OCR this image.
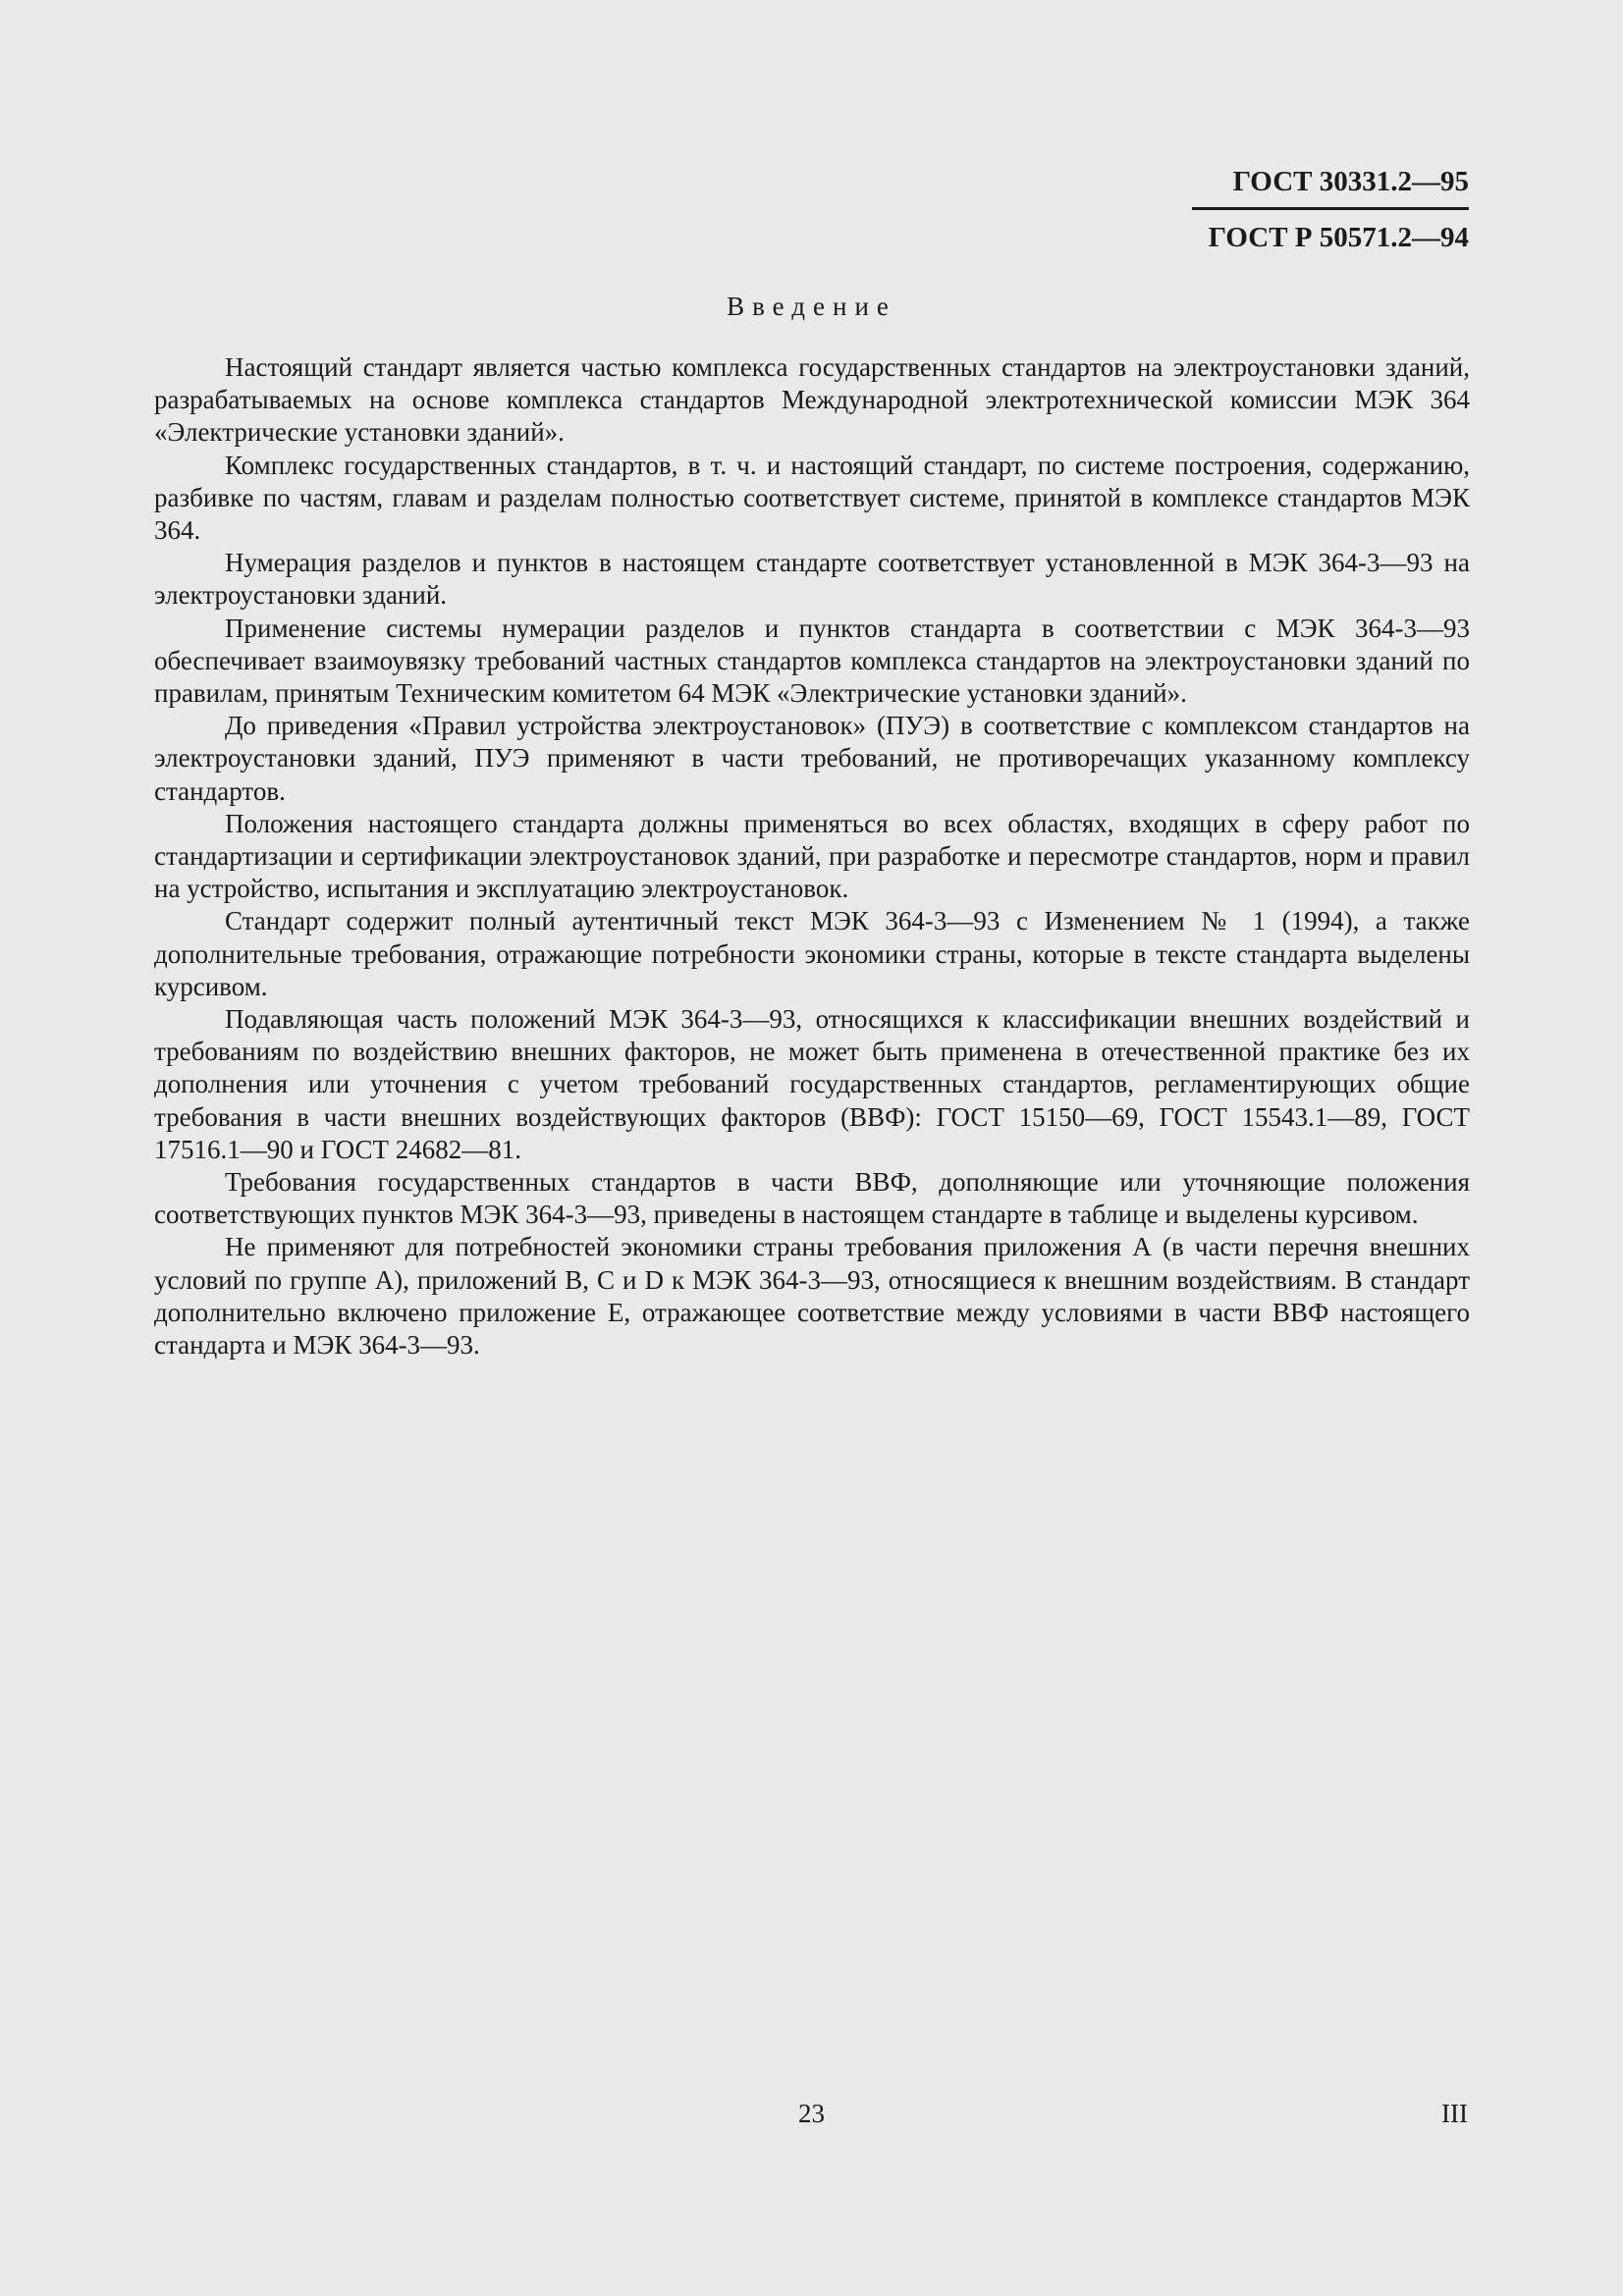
ГОСТ 30331.2—95
ГОСТ Р 50571.2—94
Введение

Настоящий стандарт является частью комплекса государственных стандартов на электроустановки зданий, разрабатываемых на основе комплекса стандартов Международной электротехнической комиссии МЭК 364 «Электрические установки зданий».

Комплекс государственных стандартов, в т. ч. и настоящий стандарт, по системе построения, содержанию, разбивке по частям, главам и разделам полностью соответствует системе, принятой в комплексе стандартов МЭК 364.

Нумерация разделов и пунктов в настоящем стандарте соответствует установленной в МЭК 364-3—93 на электроустановки зданий.

Применение системы нумерации разделов и пунктов стандарта в соответствии с МЭК 364-3—93 обеспечивает взаимоувязку требований частных стандартов комплекса стандартов на электроустановки зданий по правилам, принятым Техническим комитетом 64 МЭК «Электрические установки зданий».

До приведения «Правил устройства электроустановок» (ПУЭ) в соответствие с комплексом стандартов на электроустановки зданий, ПУЭ применяют в части требований, не противоречащих указанному комплексу стандартов.

Положения настоящего стандарта должны применяться во всех областях, входящих в сферу работ по стандартизации и сертификации электроустановок зданий, при разработке и пересмотре стандартов, норм и правил на устройство, испытания и эксплуатацию электроустановок.

Стандарт содержит полный аутентичный текст МЭК 364-3—93 с Изменением № 1 (1994), а также дополнительные требования, отражающие потребности экономики страны, которые в тексте стандарта выделены курсивом.

Подавляющая часть положений МЭК 364-3—93, относящихся к классификации внешних воздействий и требованиям по воздействию внешних факторов, не может быть применена в отечественной практике без их дополнения или уточнения с учетом требований государственных стандартов, регламентирующих общие требования в части внешних воздействующих факторов (ВВФ): ГОСТ 15150—69, ГОСТ 15543.1—89, ГОСТ 17516.1—90 и ГОСТ 24682—81.

Требования государственных стандартов в части ВВФ, дополняющие или уточняющие положения соответствующих пунктов МЭК 364-3—93, приведены в настоящем стандарте в таблице и выделены курсивом.

Не применяют для потребностей экономики страны требования приложения А (в части перечня внешних условий по группе А), приложений В, С и D к МЭК 364-3—93, относящиеся к внешним воздействиям. В стандарт дополнительно включено приложение Е, отражающее соответствие между условиями в части ВВФ настоящего стандарта и МЭК 364-3—93.

23	III
